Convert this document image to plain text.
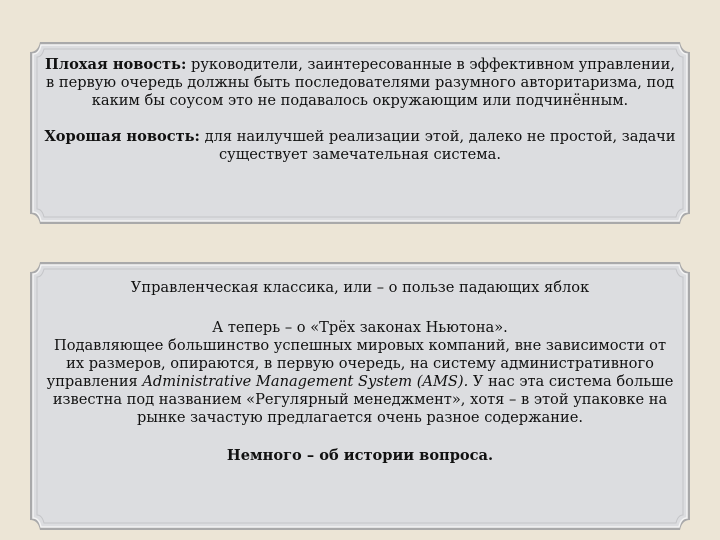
Плохая новость: руководители, заинтересованные в эффективном управлении, в первую очередь должны быть последователями разумного авторитаризма, под каким бы соусом это не подавалось окружающим или подчинённым.

Хорошая новость: для наилучшей реализации этой, далеко не простой, задачи существует замечательная система.

Управленческая классика, или – о пользе падающих яблок

А теперь – о «Трёх законах Ньютона».

Подавляющее большинство успешных мировых компаний, вне зависимости от их размеров, опираются, в первую очередь, на систему административного управления Administrative Management System (AMS). У нас эта система больше известна под названием «Регулярный менеджмент», хотя – в этой упаковке на рынке зачастую предлагается очень разное содержание.

Немного – об истории вопроса.
